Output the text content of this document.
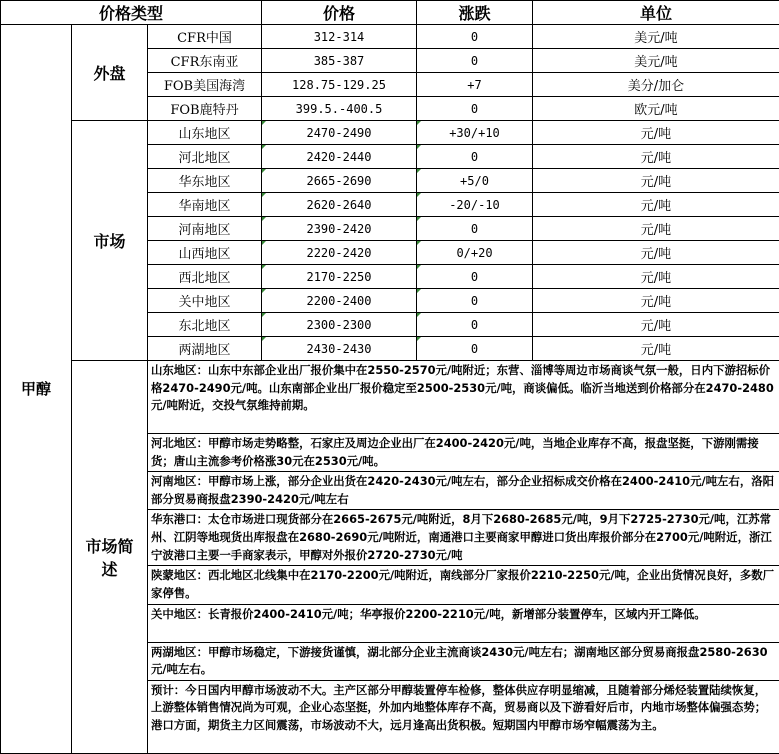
价格类型			价格	涨跌	单位
甲醇	外盘	CFR中国	312-314	0	美元/吨
		CFR东南亚	385-387	0	美元/吨
		FOB美国海湾	128.75-129.25	+7	美分/加仑
		FOB鹿特丹	399.5.-400.5	0	欧元/吨
	市场	山东地区	2470-2490	+30/+10	元/吨
		河北地区	2420-2440	0	元/吨
		华东地区	2665-2690	+5/0	元/吨
		华南地区	2620-2640	-20/-10	元/吨
		河南地区	2390-2420	0	元/吨
		山西地区	2220-2420	0/+20	元/吨
		西北地区	2170-2250	0	元/吨
		关中地区	2200-2400	0	元/吨
		东北地区	2300-2300	0	元/吨
		两湖地区	2430-2430	0	元/吨
	市场简述	山东地区：山东中东部企业出厂报价集中在2550-2570元/吨附近；东营、淄博等周边市场商谈气氛一般，日内下游招标价格2470-2490元/吨。山东南部企业出厂报价稳定至2500-2530元/吨，商谈偏低。临沂当地送到价格部分在2470-2480元/吨附近，交投气氛维持前期。			
		河北地区：甲醇市场走势略整，石家庄及周边企业出厂在2400-2420元/吨，当地企业库存不高，报盘坚挺，下游刚需接货；唐山主流参考价格涨30元在2530元/吨。			
		河南地区：甲醇市场上涨，部分企业出货在2420-2430元/吨左右，部分企业招标成交价格在2400-2410元/吨左右，洛阳部分贸易商报盘2390-2420元/吨左右			
		华东港口：太仓市场进口现货部分在2665-2675元/吨附近，8月下2680-2685元/吨，9月下2725-2730元/吨，江苏常州、江阴等地现货出库报盘在2680-2690元/吨附近，南通港口主要商家甲醇进口货出库报价部分在2700元/吨附近，浙江宁波港口主要一手商家表示，甲醇对外报价2720-2730元/吨			
		陕蒙地区：西北地区北线集中在2170-2200元/吨附近，南线部分厂家报价2210-2250元/吨，企业出货情况良好，多数厂家停售。			
		关中地区：长青报价2400-2410元/吨；华亭报价2200-2210元/吨，新增部分装置停车，区域内开工降低。			
		两湖地区：甲醇市场稳定，下游接货谨慎，湖北部分企业主流商谈2430元/吨左右；湖南地区部分贸易商报盘2580-2630元/吨左右。			
		预计：今日国内甲醇市场波动不大。主产区部分甲醇装置停车检修，整体供应存明显缩减，且随着部分烯烃装置陆续恢复，上游整体销售情况尚为可观，企业心态坚挺，外加内地整体库存不高，贸易商以及下游看好后市，内地市场整体偏强态势；港口方面，期货主力区间震荡，市场波动不大，远月逢高出货积极。短期国内甲醇市场窄幅震荡为主。			
